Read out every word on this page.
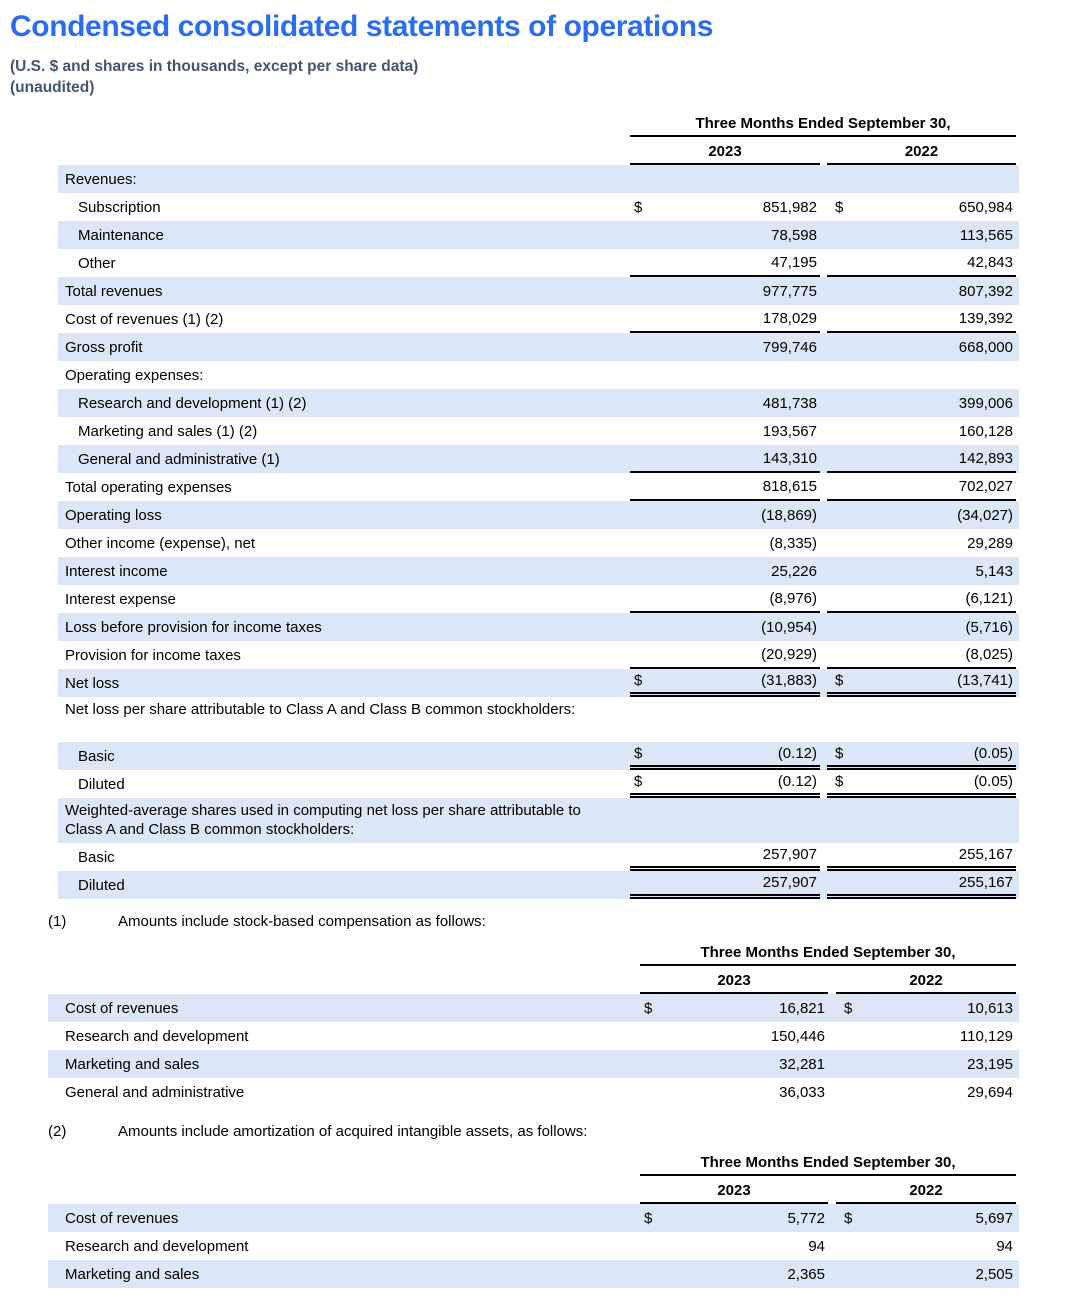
Condensed consolidated statements of operations
(U.S. $ and shares in thousands, except per share data)
(unaudited)
Three Months Ended September 30,
2023	2022
Revenues:
Subscription	$	851,982 $	650,984
Maintenance	78,598	113,565
Other	47,195	42,843
Total revenues	977,775	807,392
Cost of revenues (1) (2)	178,029	139,392
Gross profit	799,746	668,000
Operating expenses:
Research and development (1) (2)	481,738	399,006
Marketing and sales (1) (2)	193,567	160,128
General and administrative (1)	143,310	142,893
Total operating expenses	818,615	702,027
Operating loss	(18,869)	(34,027)
Other income (expense), net	(8,335)	29,289
Interest income	25,226	5,143
Interest expense	(8,976)	(6,121)
Loss before provision for income taxes	(10,954)	(5,716)
Provision for income taxes	(20,929)	(8,025)
Net loss	$	(31,883) $	(13,741)
Net loss per share attributable to Class A and Class B common stockholders:
Basic	$	(0.12) $	(0.05)
Diluted	$	(0.12) $	(0.05)
Weighted-average shares used in computing net loss per share attributable to Class A and Class B common stockholders:
Basic	257,907	255,167
Diluted	257,907	255,167
(1)	Amounts include stock-based compensation as follows:
Three Months Ended September 30,
2023	2022
Cost of revenues	$	16,821 $	10,613
Research and development	150,446	110,129
Marketing and sales	32,281	23,195
General and administrative	36,033	29,694
(2)	Amounts include amortization of acquired intangible assets, as follows:
Three Months Ended September 30,
2023	2022
Cost of revenues	$	5,772 $	5,697
Research and development	94	94
Marketing and sales	2,365	2,505
